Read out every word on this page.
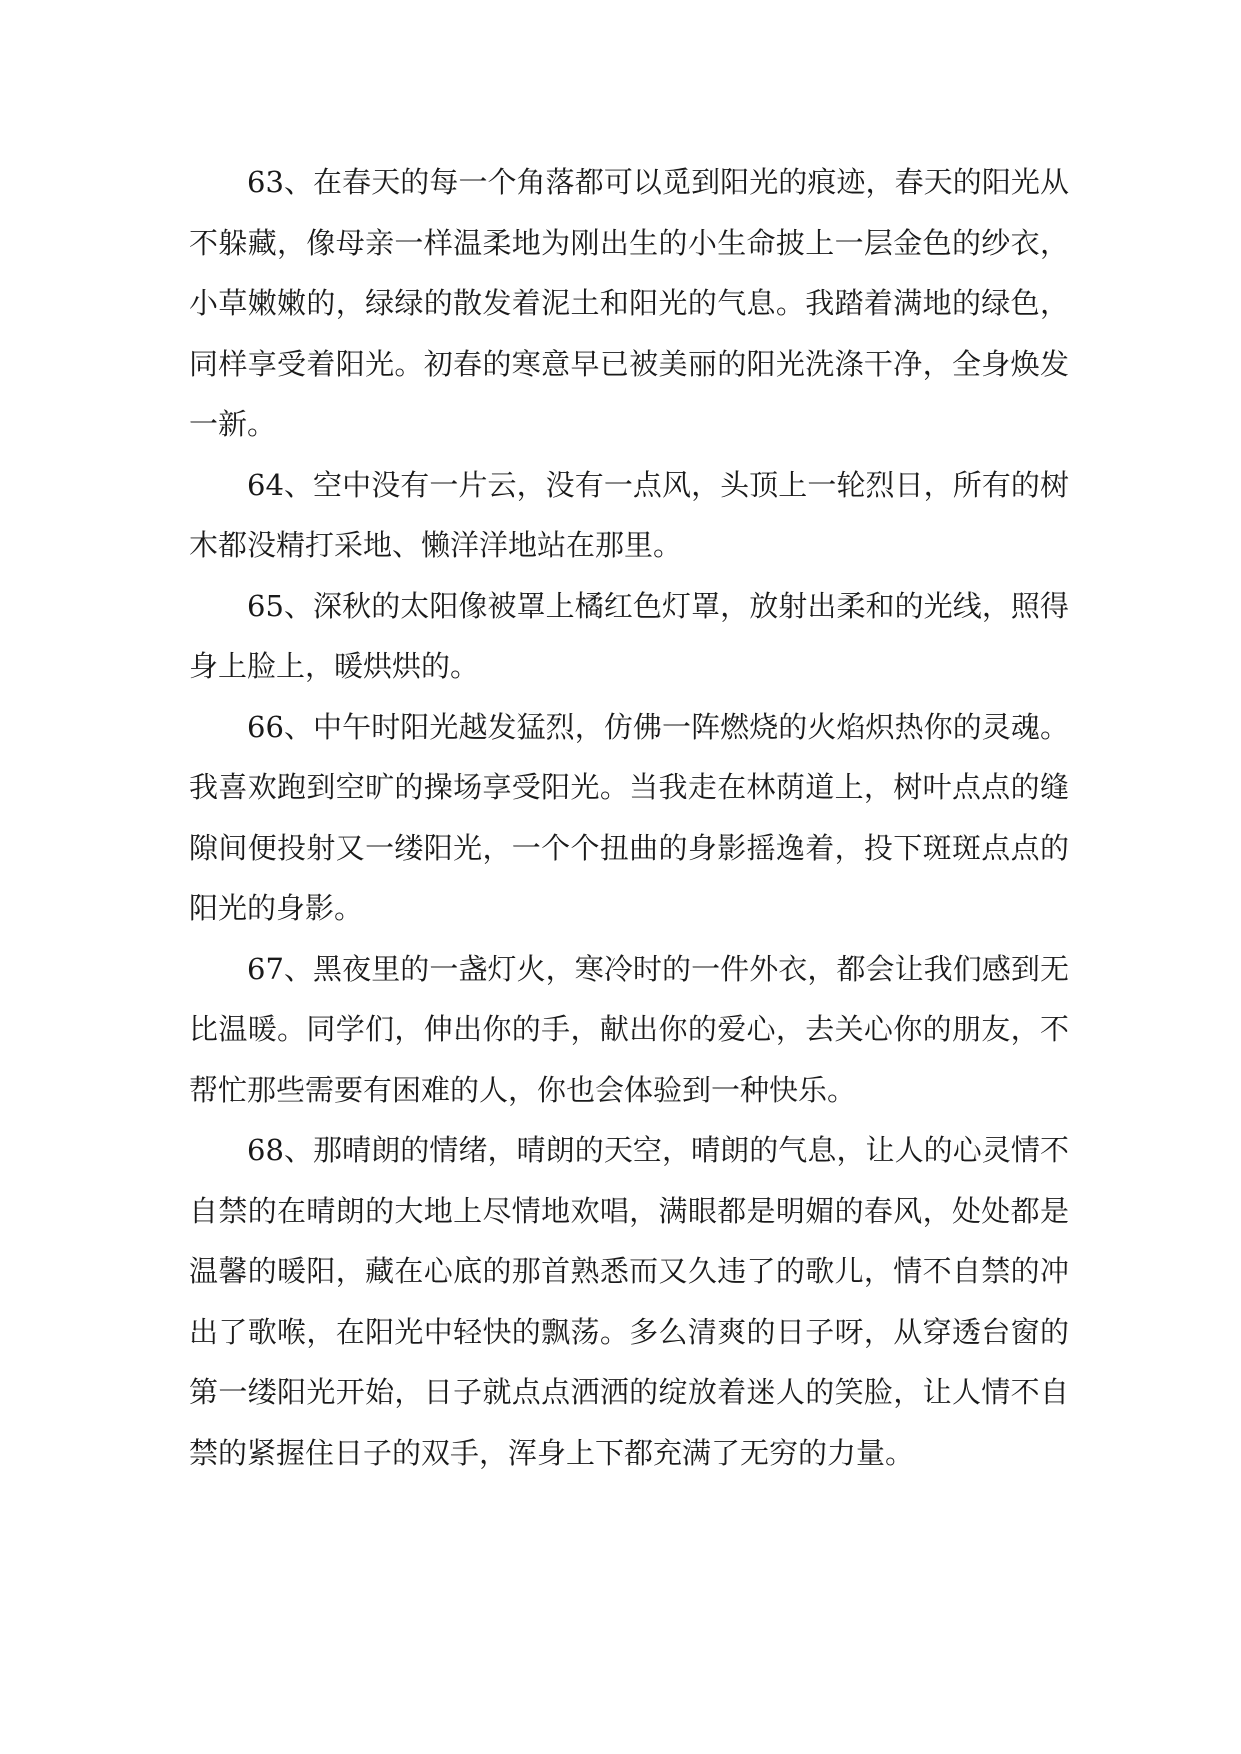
63、在春天的每一个角落都可以觅到阳光的痕迹，春天的阳光从不躲藏，像母亲一样温柔地为刚出生的小生命披上一层金色的纱衣，小草嫩嫩的，绿绿的散发着泥土和阳光的气息。我踏着满地的绿色，同样享受着阳光。初春的寒意早已被美丽的阳光洗涤干净，全身焕发一新。

64、空中没有一片云，没有一点风，头顶上一轮烈日，所有的树木都没精打采地、懒洋洋地站在那里。

65、深秋的太阳像被罩上橘红色灯罩，放射出柔和的光线，照得身上脸上，暖烘烘的。

66、中午时阳光越发猛烈，仿佛一阵燃烧的火焰炽热你的灵魂。我喜欢跑到空旷的操场享受阳光。当我走在林荫道上，树叶点点的缝隙间便投射又一缕阳光，一个个扭曲的身影摇逸着，投下斑斑点点的阳光的身影。

67、黑夜里的一盏灯火，寒冷时的一件外衣，都会让我们感到无比温暖。同学们，伸出你的手，献出你的爱心，去关心你的朋友，不帮忙那些需要有困难的人，你也会体验到一种快乐。

68、那晴朗的情绪，晴朗的天空，晴朗的气息，让人的心灵情不自禁的在晴朗的大地上尽情地欢唱，满眼都是明媚的春风，处处都是温馨的暖阳，藏在心底的那首熟悉而又久违了的歌儿，情不自禁的冲出了歌喉，在阳光中轻快的飘荡。多么清爽的日子呀，从穿透台窗的第一缕阳光开始，日子就点点洒洒的绽放着迷人的笑脸，让人情不自禁的紧握住日子的双手，浑身上下都充满了无穷的力量。
